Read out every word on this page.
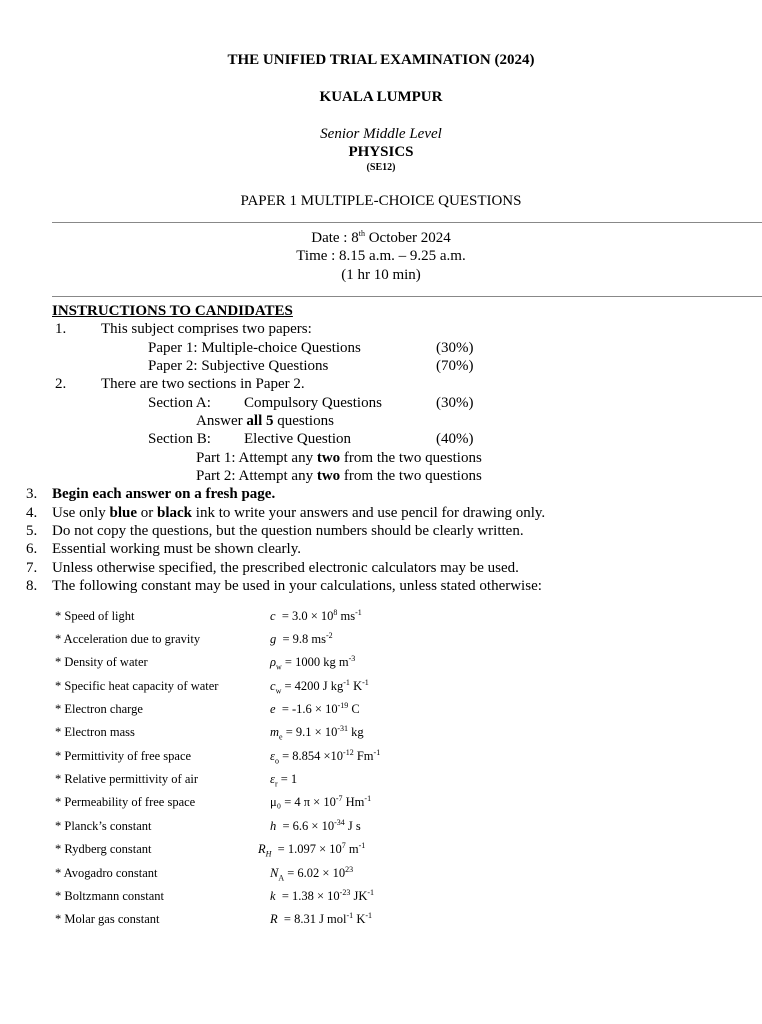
THE UNIFIED TRIAL EXAMINATION (2024)
KUALA LUMPUR
Senior Middle Level
PHYSICS
(SE12)
PAPER 1 MULTIPLE-CHOICE QUESTIONS
Date : 8th October 2024
Time : 8.15 a.m. – 9.25 a.m.
(1 hr 10 min)
INSTRUCTIONS TO CANDIDATES
1. This subject comprises two papers:
Paper 1: Multiple-choice Questions	(30%)
Paper 2: Subjective Questions	(70%)
2. There are two sections in Paper 2.
Section A: Compulsory Questions	(30%)
Answer all 5 questions
Section B: Elective Question	(40%)
Part 1: Attempt any two from the two questions
Part 2: Attempt any two from the two questions
3. Begin each answer on a fresh page.
4. Use only blue or black ink to write your answers and use pencil for drawing only.
5. Do not copy the questions, but the question numbers should be clearly written.
6. Essential working must be shown clearly.
7. Unless otherwise specified, the prescribed electronic calculators may be used.
8. The following constant may be used in your calculations, unless stated otherwise:
* Speed of light	$c = 3.0 \times 10^8$ $ms^{-1}$
* Acceleration due to gravity	g = 9.8 $ms^{-2}$
* Density of water	$\rho_w = 1000$ kg $m^{-3}$
* Specific heat capacity of water	$c_w = 4200$ J $kg^{-1}$ $K^{-1}$
* Electron charge	$e = -1.6 \times 10^{-19}$ C
* Electron mass	$m_e = 9.1 \times 10^{-31}$ kg
* Permittivity of free space	$\varepsilon_o = 8.854 \times 10^{-12}$ $Fm^{-1}$
* Relative permittivity of air	$\varepsilon_r = 1$
* Permeability of free space	μ₀ = 4 $\pi \times 10^{-7}$ $Hm^{-1}$
* Planck’s constant	$h = 6.6 \times 10^{-34}$ J s
* Rydberg constant	$R_H = 1.097 \times 10^7$ $m^{-1}$
* Avogadro constant	$N_A = 6.02 \times 10^{23}$
* Boltzmann constant	$k = 1.38 \times 10^{-23}$ $JK^{-1}$
* Molar gas constant	R = 8.31 J mol$^{-1}$ $K^{-1}$
